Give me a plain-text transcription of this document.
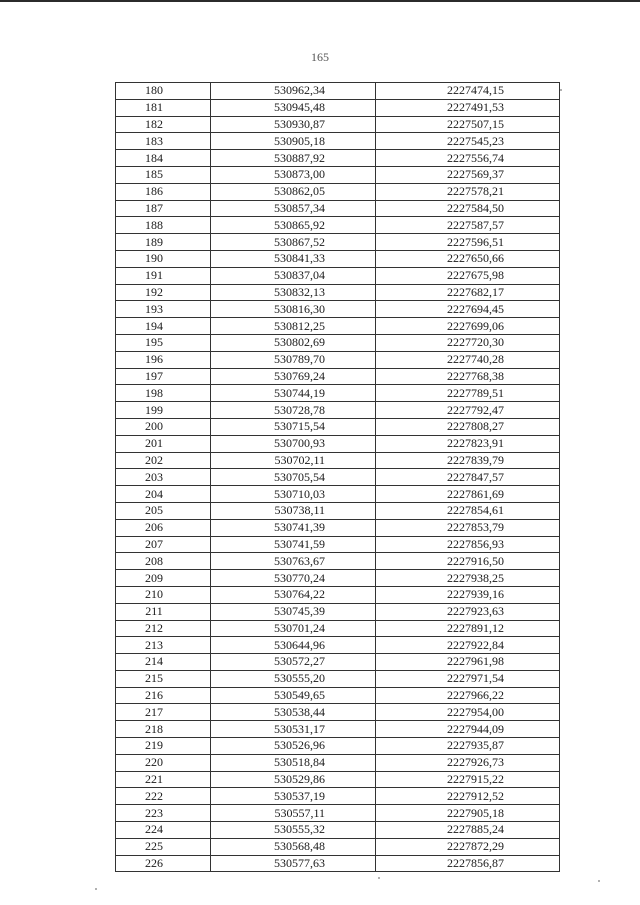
165
180	530962,34	2227474,15
181	530945,48	2227491,53
182	530930,87	2227507,15
183	530905,18	2227545,23
184	530887,92	2227556,74
185	530873,00	2227569,37
186	530862,05	2227578,21
187	530857,34	2227584,50
188	530865,92	2227587,57
189	530867,52	2227596,51
190	530841,33	2227650,66
191	530837,04	2227675,98
192	530832,13	2227682,17
193	530816,30	2227694,45
194	530812,25	2227699,06
195	530802,69	2227720,30
196	530789,70	2227740,28
197	530769,24	2227768,38
198	530744,19	2227789,51
199	530728,78	2227792,47
200	530715,54	2227808,27
201	530700,93	2227823,91
202	530702,11	2227839,79
203	530705,54	2227847,57
204	530710,03	2227861,69
205	530738,11	2227854,61
206	530741,39	2227853,79
207	530741,59	2227856,93
208	530763,67	2227916,50
209	530770,24	2227938,25
210	530764,22	2227939,16
211	530745,39	2227923,63
212	530701,24	2227891,12
213	530644,96	2227922,84
214	530572,27	2227961,98
215	530555,20	2227971,54
216	530549,65	2227966,22
217	530538,44	2227954,00
218	530531,17	2227944,09
219	530526,96	2227935,87
220	530518,84	2227926,73
221	530529,86	2227915,22
222	530537,19	2227912,52
223	530557,11	2227905,18
224	530555,32	2227885,24
225	530568,48	2227872,29
226	530577,63	2227856,87
